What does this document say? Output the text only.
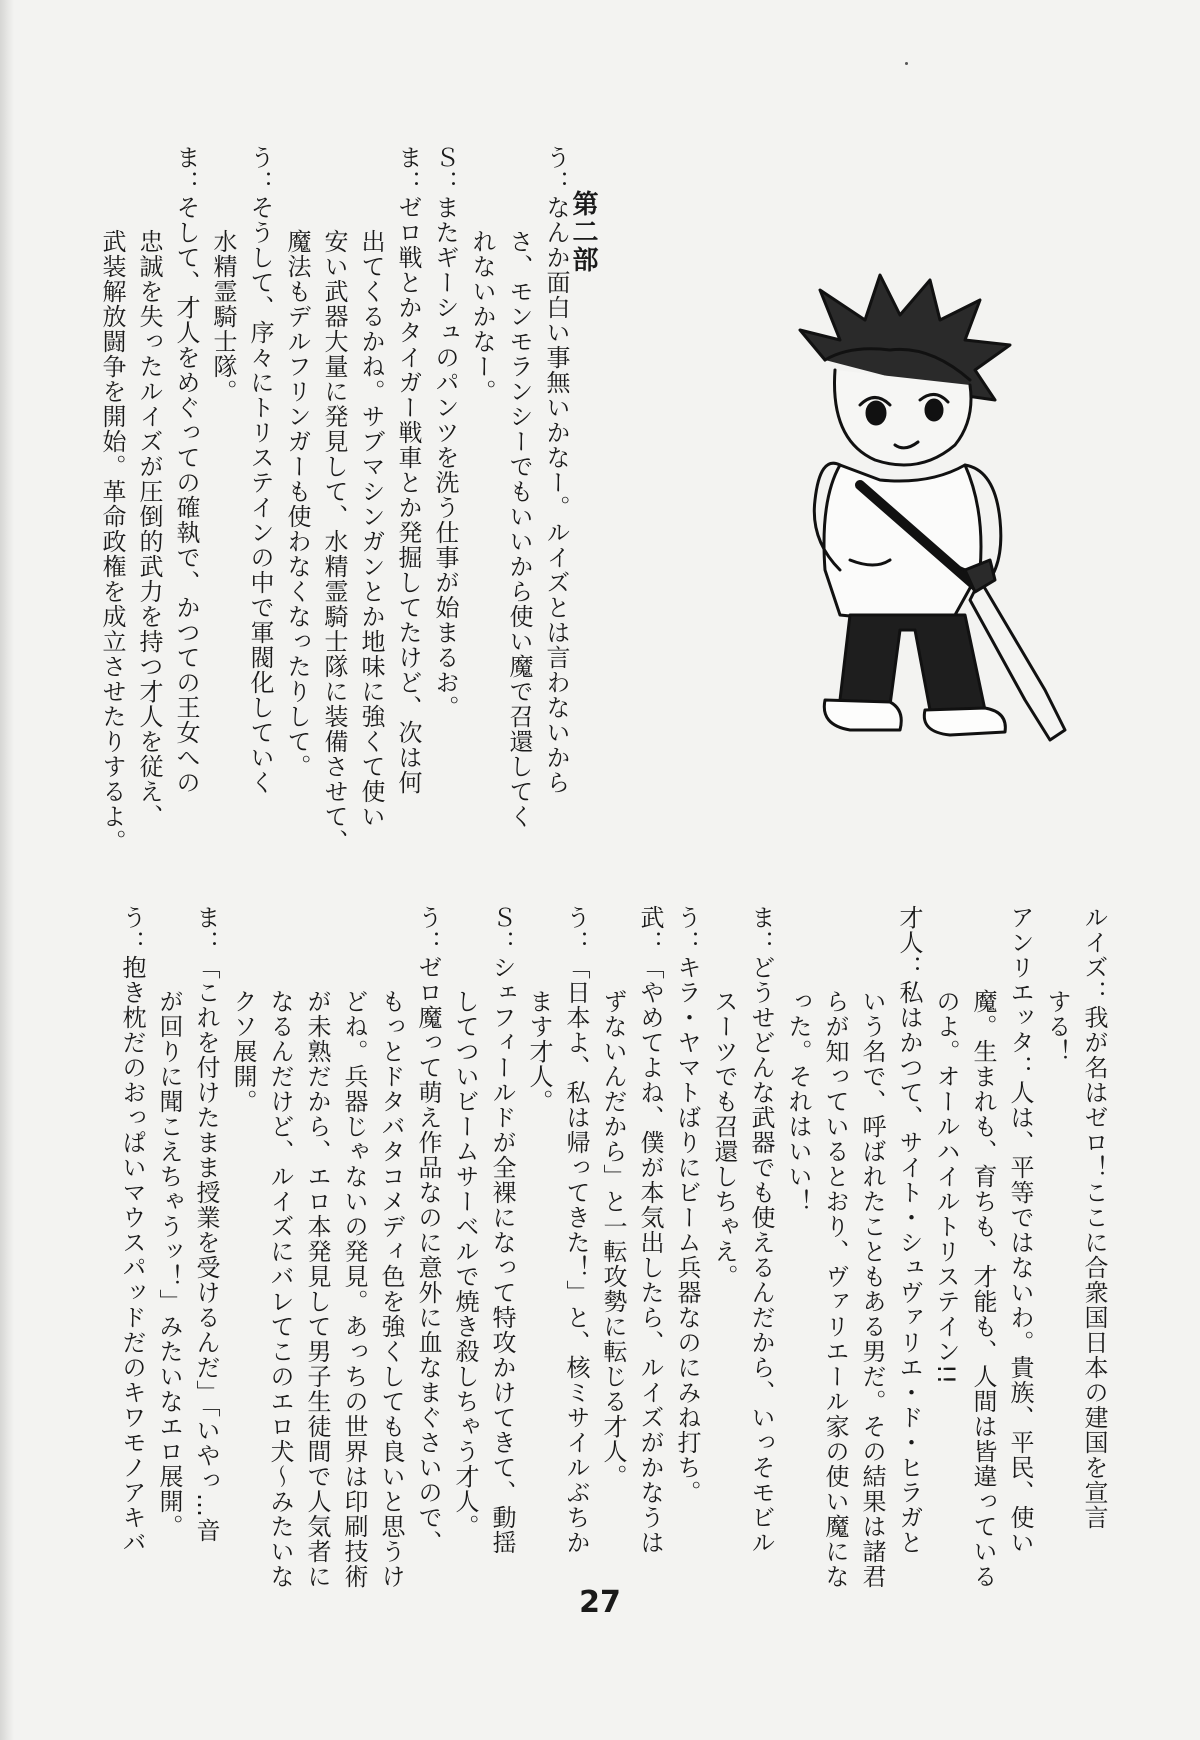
第二部
う：なんか面白い事無いかなー。ルイズとは言わないから
さ、モンモランシーでもいいから使い魔で召還してく
れないかなー。
Ｓ：またギーシュのパンツを洗う仕事が始まるお。
ま：ゼロ戦とかタイガー戦車とか発掘してたけど、次は何
出てくるかね。サブマシンガンとか地味に強くて使い
安い武器大量に発見して、水精霊騎士隊に装備させて、
魔法もデルフリンガーも使わなくなったりして。
う：そうして、序々にトリステインの中で軍閥化していく
水精霊騎士隊。
ま：そして、才人をめぐっての確執で、かつての王女への
忠誠を失ったルイズが圧倒的武力を持つ才人を従え、
武装解放闘争を開始。革命政権を成立させたりするよ。
ルイズ：我が名はゼロ！ここに合衆国日本の建国を宣言
する！
アンリエッタ：人は、平等ではないわ。貴族、平民、使い
魔。生まれも、育ちも、才能も、人間は皆違っている
のよ。オールハイルトリステイン!!
才人：私はかつて、サイト・シュヴァリエ・ド・ヒラガと
いう名で、呼ばれたこともある男だ。その結果は諸君
らが知っているとおり、ヴァリエール家の使い魔にな
った。それはいい！
ま：どうせどんな武器でも使えるんだから、いっそモビル
スーツでも召還しちゃえ。
う：キラ・ヤマトばりにビーム兵器なのにみね打ち。
武：「やめてよね、僕が本気出したら、ルイズがかなうは
ずないんだから」と一転攻勢に転じる才人。
う：「日本よ、私は帰ってきた！」と、核ミサイルぶちか
ます才人。
Ｓ：シェフィールドが全裸になって特攻かけてきて、動揺
してついビームサーベルで焼き殺しちゃう才人。
う：ゼロ魔って萌え作品なのに意外に血なまぐさいので、
もっとドタバタコメディ色を強くしても良いと思うけ
どね。兵器じゃないの発見。あっちの世界は印刷技術
が未熟だから、エロ本発見して男子生徒間で人気者に
なるんだけど、ルイズにバレてこのエロ犬～みたいな
クソ展開。
ま：「これを付けたまま授業を受けるんだ」「いやっ…音
が回りに聞こえちゃうッ！」みたいなエロ展開。
う：抱き枕だのおっぱいマウスパッドだのキワモノアキバ
27
